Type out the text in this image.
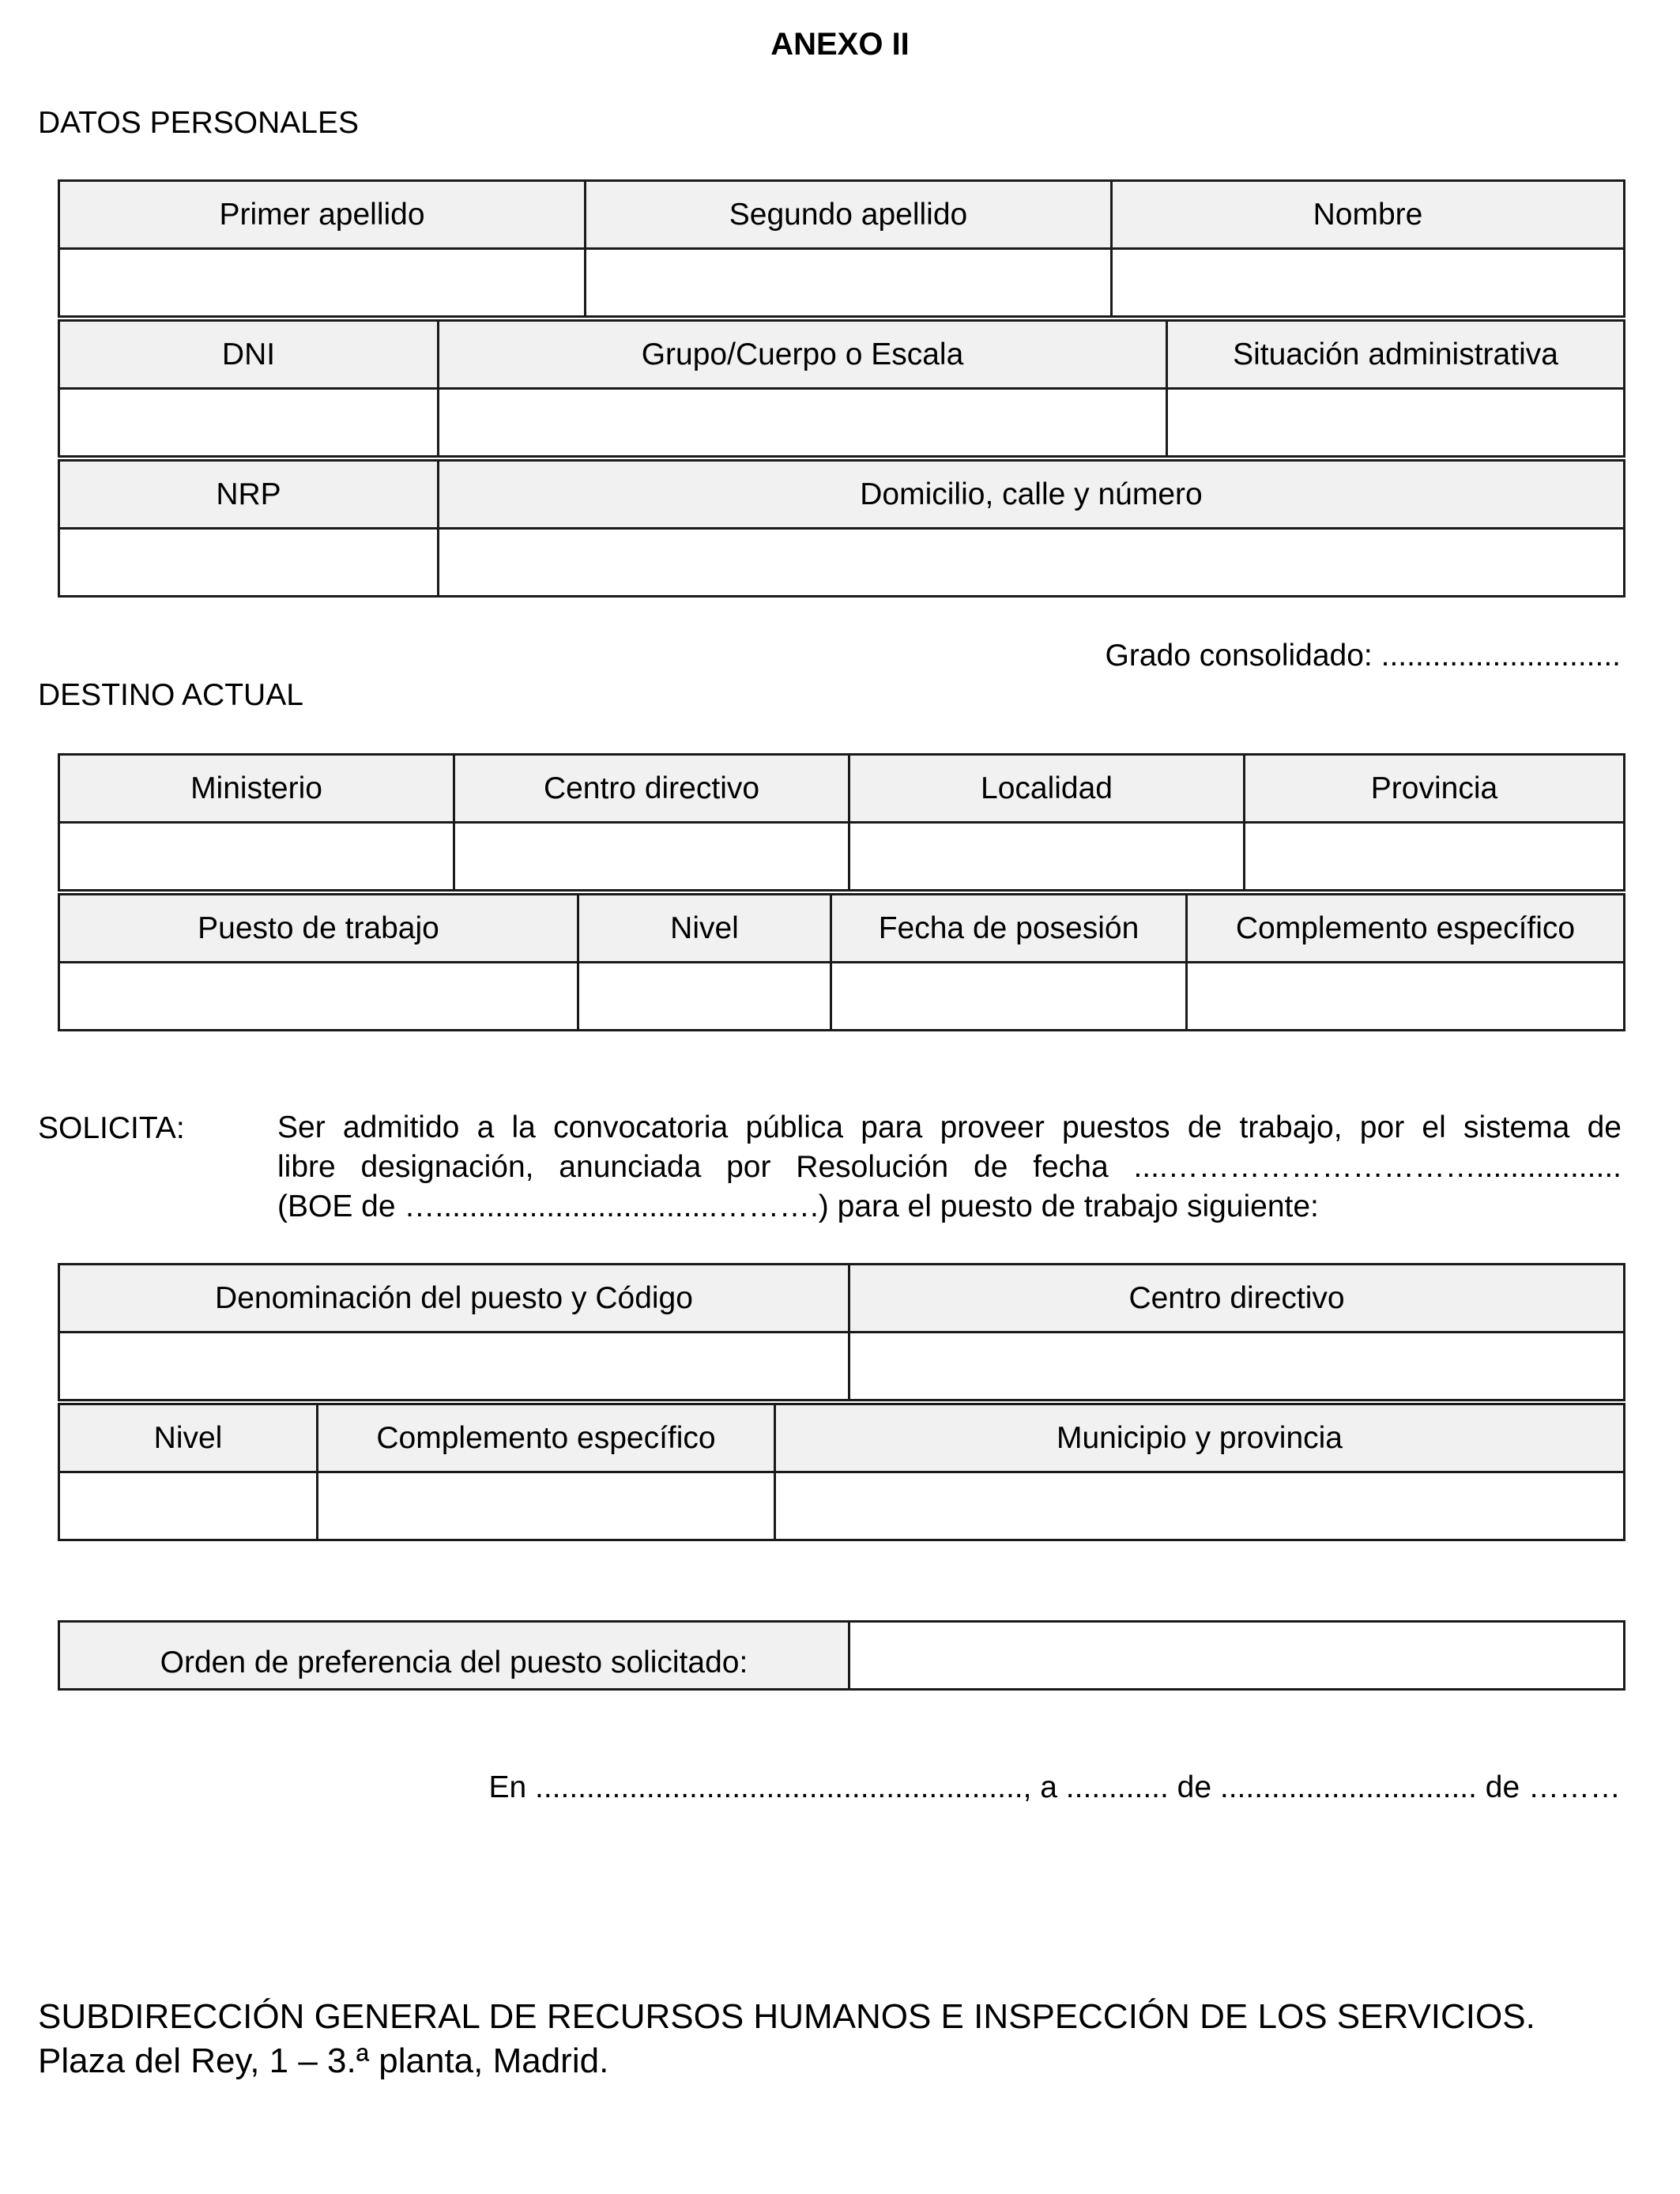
ANEXO II
DATOS PERSONALES
Primer apellido	Segundo apellido	Nombre

DNI	Grupo/Cuerpo o Escala	Situación administrativa

NRP	Domicilio, calle y número

Grado consolidado: ............................
DESTINO ACTUAL
Ministerio	Centro directivo	Localidad	Provincia

Puesto de trabajo	Nivel	Fecha de posesión	Complemento específico

SOLICITA:	Ser admitido a la convocatoria pública para proveer puestos de trabajo, por el sistema de
libre designación, anunciada por Resolución de fecha ....………………………….................
(BOE de ….................................……….) para el puesto de trabajo siguiente:
Denominación del puesto y Código	Centro directivo

Nivel	Complemento específico	Municipio y provincia

Orden de preferencia del puesto solicitado:	
En ........................................................., a ............ de .............................. de ………
SUBDIRECCIÓN GENERAL DE RECURSOS HUMANOS E INSPECCIÓN DE LOS SERVICIOS.
Plaza del Rey, 1 – 3.ª planta, Madrid.
